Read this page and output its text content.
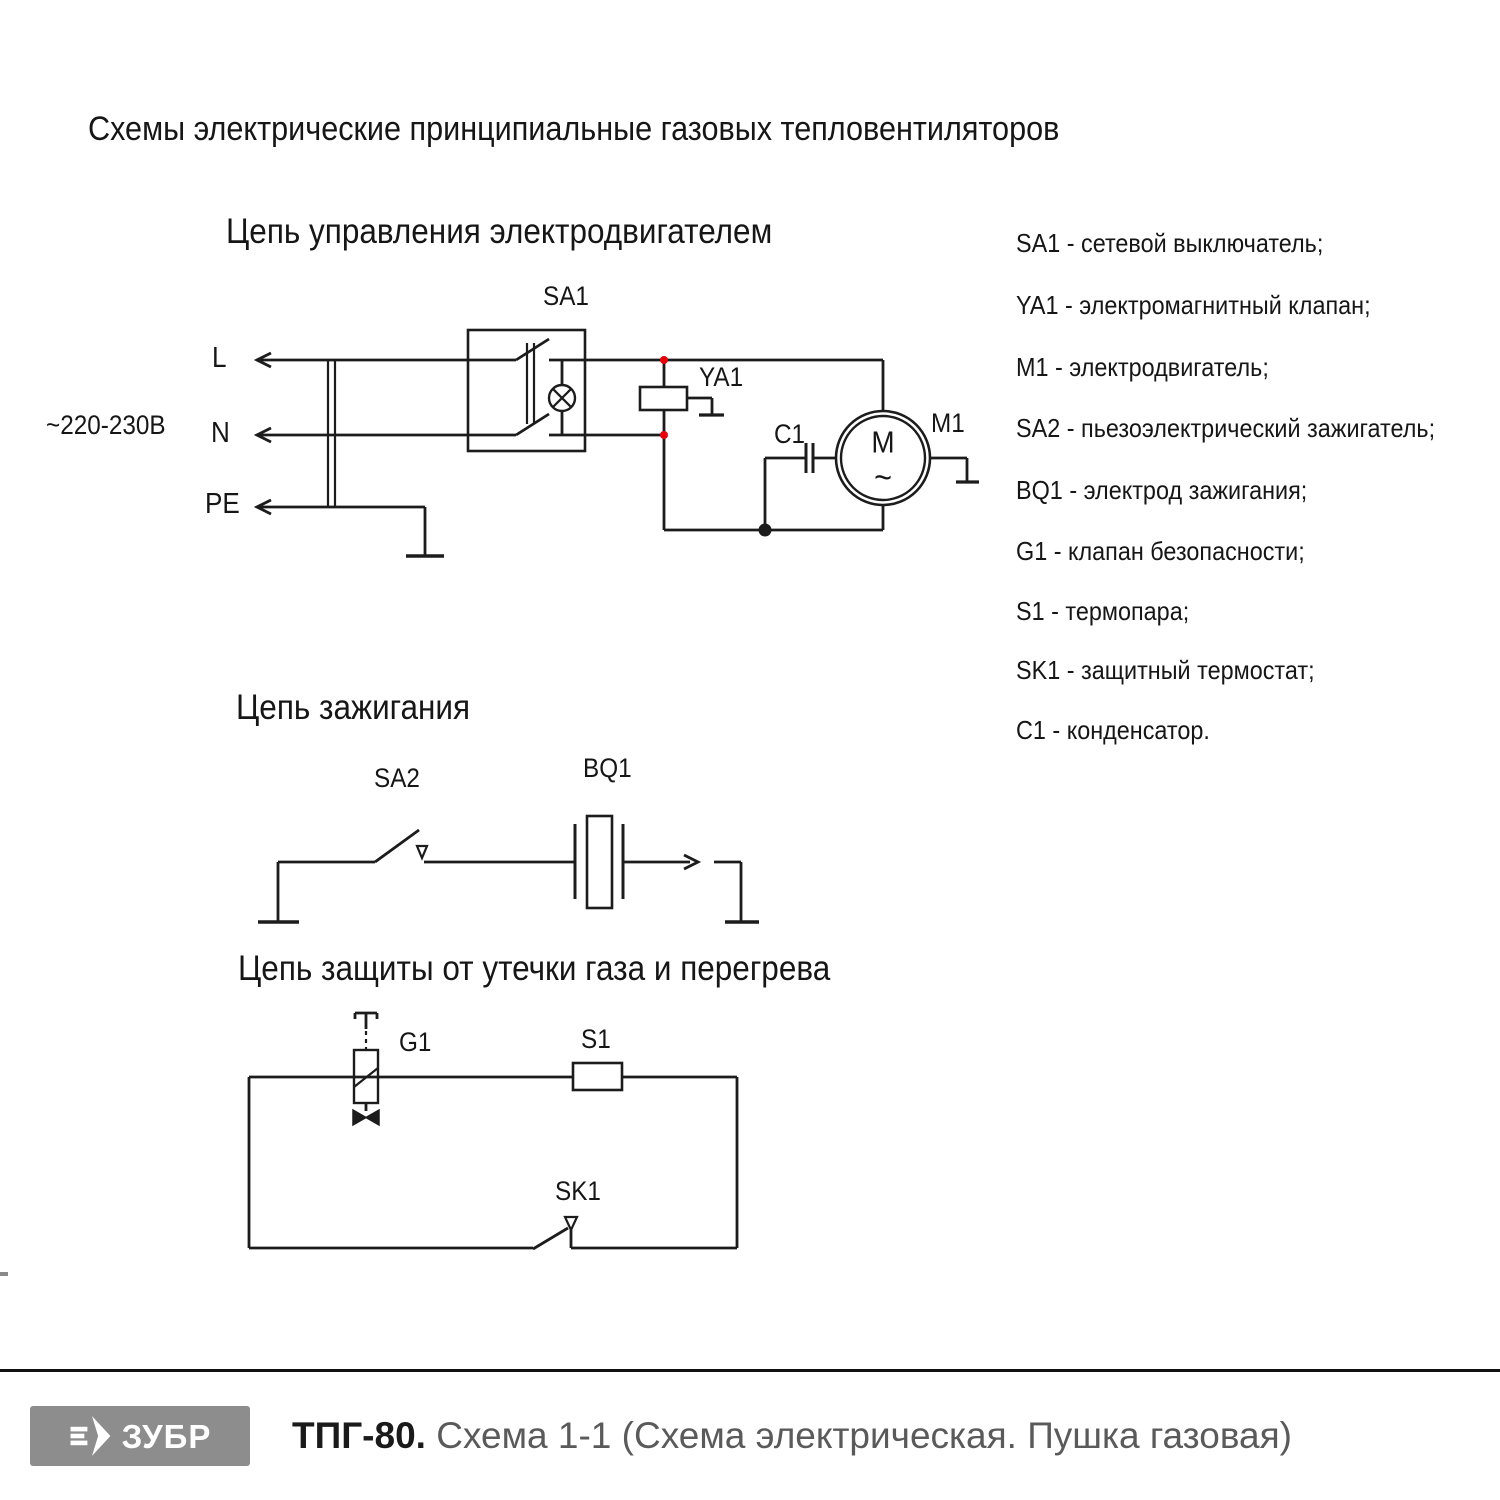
Схемы электрические принципиальные газовых тепловентиляторов
Цепь управления электродвигателем
Цепь зажигания
Цепь защиты от утечки газа и перегрева
~220-230В
L
N
PE
SA1
YA1
C1	M1
M
~
SA2	BQ1
G1	S1
SK1
SA1 - сетевой выключатель;
YA1 - электромагнитный клапан;
M1 - электродвигатель;
SA2 - пьезоэлектрический зажигатель;
BQ1 - электрод зажигания;
G1 - клапан безопасности;
S1 - термопара;
SK1 - защитный термостат;
C1 - конденсатор.
ЗУБР ТПГ-80. Схема 1-1 (Схема электрическая. Пушка газовая)
